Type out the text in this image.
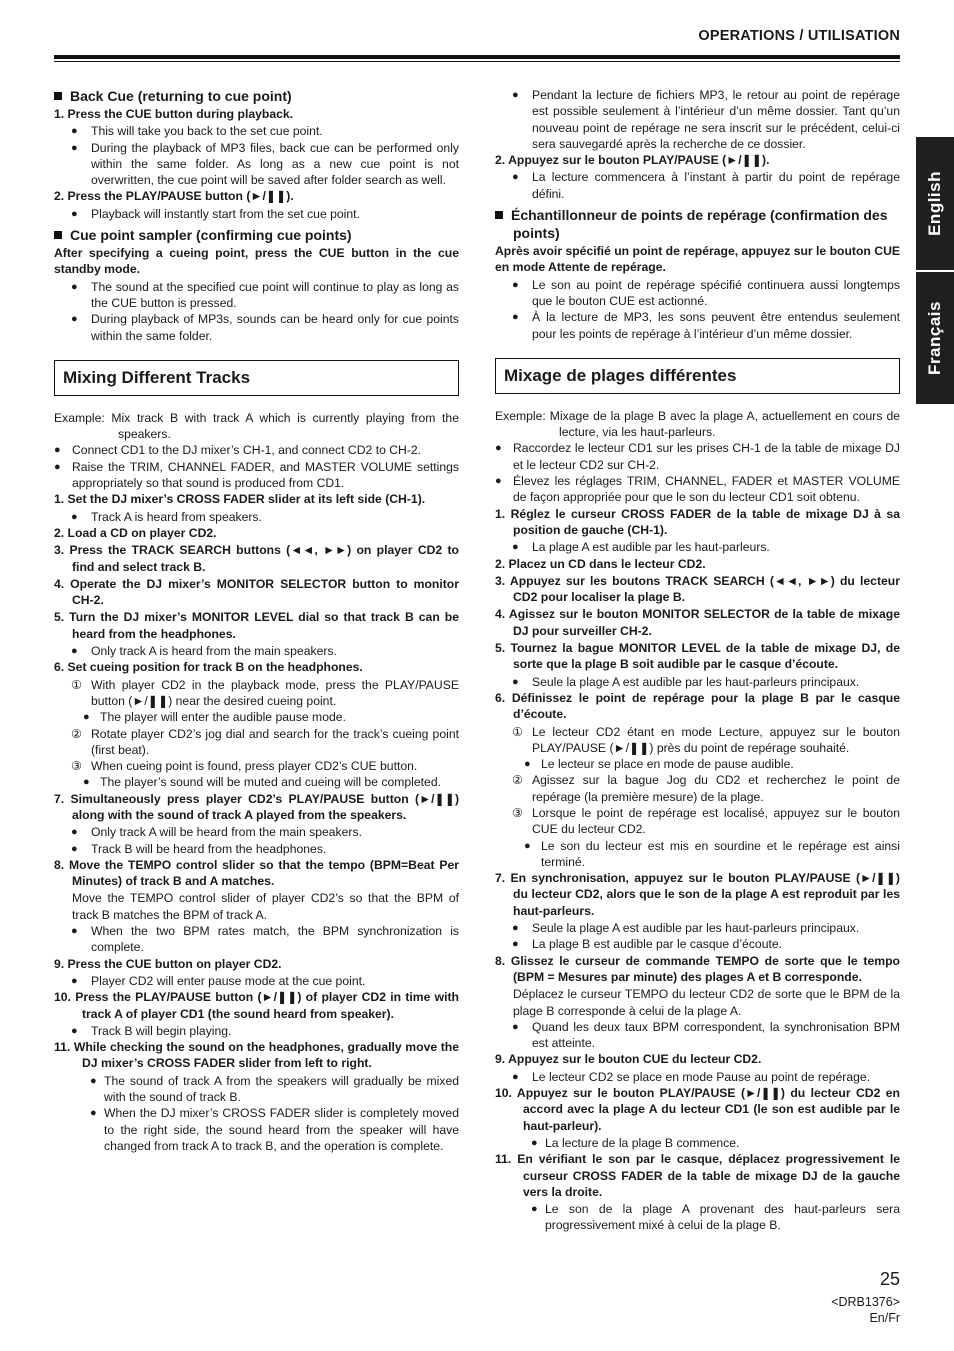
OPERATIONS / UTILISATION
English
Français

Back Cue (returning to cue point)

1. Press the CUE button during playback.

● This will take you back to the set cue point.

● During the playback of MP3 files, back cue can be performed only within the same folder. As long as a new cue point is not overwritten, the cue point will be saved after folder search as well.

2. Press the PLAY/PAUSE button (►/❚❚).

● Playback will instantly start from the set cue point.

Cue point sampler (confirming cue points)

After specifying a cueing point, press the CUE button in the cue standby mode.

● The sound at the specified cue point will continue to play as long as the CUE button is pressed.

● During playback of MP3s, sounds can be heard only for cue points within the same folder.

Mixing Different Tracks

Example: Mix track B with track A which is currently playing from the speakers.

● Connect CD1 to the DJ mixer’s CH-1, and connect CD2 to CH-2.

● Raise the TRIM, CHANNEL FADER, and MASTER VOLUME settings appropriately so that sound is produced from CD1.

1. Set the DJ mixer’s CROSS FADER slider at its left side (CH-1).

● Track A is heard from speakers.

2. Load a CD on player CD2.

3. Press the TRACK SEARCH buttons (◄◄, ►►) on player CD2 to find and select track B.

4. Operate the DJ mixer’s MONITOR SELECTOR button to monitor CH-2.

5. Turn the DJ mixer’s MONITOR LEVEL dial so that track B can be heard from the headphones.

● Only track A is heard from the main speakers.

6. Set cueing position for track B on the headphones.

① With player CD2 in the playback mode, press the PLAY/PAUSE button (►/❚❚) near the desired cueing point.

● The player will enter the audible pause mode.

② Rotate player CD2’s jog dial and search for the track’s cueing point (first beat).

③ When cueing point is found, press player CD2’s CUE button.

● The player’s sound will be muted and cueing will be completed.

7. Simultaneously press player CD2’s PLAY/PAUSE button (►/❚❚) along with the sound of track A played from the speakers.

● Only track A will be heard from the main speakers.

● Track B will be heard from the headphones.

8. Move the TEMPO control slider so that the tempo (BPM=Beat Per Minutes) of track B and A matches.

Move the TEMPO control slider of player CD2’s so that the BPM of track B matches the BPM of track A.

● When the two BPM rates match, the BPM synchronization is complete.

9. Press the CUE button on player CD2.

● Player CD2 will enter pause mode at the cue point.

10. Press the PLAY/PAUSE button (►/❚❚) of player CD2 in time with track A of player CD1 (the sound heard from speaker).

● Track B will begin playing.

11. While checking the sound on the headphones, gradually move the DJ mixer’s CROSS FADER slider from left to right.

● The sound of track A from the speakers will gradually be mixed with the sound of track B.

● When the DJ mixer’s CROSS FADER slider is completely moved to the right side, the sound heard from the speaker will have changed from track A to track B, and the operation is complete.

● Pendant la lecture de fichiers MP3, le retour au point de repérage est possible seulement à l’intérieur d’un même dossier. Tant qu’un nouveau point de repérage ne sera inscrit sur le précédent, celui-ci sera sauvegardé après la recherche de ce dossier.

2. Appuyez sur le bouton PLAY/PAUSE (►/❚❚).

● La lecture commencera à l’instant à partir du point de repérage défini.

Échantillonneur de points de repérage (confirmation des points)

Après avoir spécifié un point de repérage, appuyez sur le bouton CUE en mode Attente de repérage.

● Le son au point de repérage spécifié continuera aussi longtemps que le bouton CUE est actionné.

● À la lecture de MP3, les sons peuvent être entendus seulement pour les points de repérage à l’intérieur d’un même dossier.

Mixage de plages différentes

Exemple: Mixage de la plage B avec la plage A, actuellement en cours de lecture, via les haut-parleurs.

● Raccordez le lecteur CD1 sur les prises CH-1 de la table de mixage DJ et le lecteur CD2 sur CH-2.

● Élevez les réglages TRIM, CHANNEL, FADER et MASTER VOLUME de façon appropriée pour que le son du lecteur CD1 soit obtenu.

1. Réglez le curseur CROSS FADER de la table de mixage DJ à sa position de gauche (CH-1).

● La plage A est audible par les haut-parleurs.

2. Placez un CD dans le lecteur CD2.

3. Appuyez sur les boutons TRACK SEARCH (◄◄, ►►) du lecteur CD2 pour localiser la plage B.

4. Agissez sur le bouton MONITOR SELECTOR de la table de mixage DJ pour surveiller CH-2.

5. Tournez la bague MONITOR LEVEL de la table de mixage DJ, de sorte que la plage B soit audible par le casque d’écoute.

● Seule la plage A est audible par les haut-parleurs principaux.

6. Définissez le point de repérage pour la plage B par le casque d’écoute.

① Le lecteur CD2 étant en mode Lecture, appuyez sur le bouton PLAY/PAUSE (►/❚❚) près du point de repérage souhaité.

● Le lecteur se place en mode de pause audible.

② Agissez sur la bague Jog du CD2 et recherchez le point de repérage (la première mesure) de la plage.

③ Lorsque le point de repérage est localisé, appuyez sur le bouton CUE du lecteur CD2.

● Le son du lecteur est mis en sourdine et le repérage est ainsi terminé.

7. En synchronisation, appuyez sur le bouton PLAY/PAUSE (►/❚❚) du lecteur CD2, alors que le son de la plage A est reproduit par les haut-parleurs.

● Seule la plage A est audible par les haut-parleurs principaux.

● La plage B est audible par le casque d’écoute.

8. Glissez le curseur de commande TEMPO de sorte que le tempo (BPM = Mesures par minute) des plages A et B corresponde.

Déplacez le curseur TEMPO du lecteur CD2 de sorte que le BPM de la plage B corresponde à celui de la plage A.

● Quand les deux taux BPM correspondent, la synchronisation BPM est atteinte.

9. Appuyez sur le bouton CUE du lecteur CD2.

● Le lecteur CD2 se place en mode Pause au point de repérage.

10. Appuyez sur le bouton PLAY/PAUSE (►/❚❚) du lecteur CD2 en accord avec la plage A du lecteur CD1 (le son est audible par le haut-parleur).

● La lecture de la plage B commence.

11. En vérifiant le son par le casque, déplacez progressivement le curseur CROSS FADER de la table de mixage DJ de la gauche vers la droite.

● Le son de la plage A provenant des haut-parleurs sera progressivement mixé à celui de la plage B.

25
<DRB1376>
En/Fr
